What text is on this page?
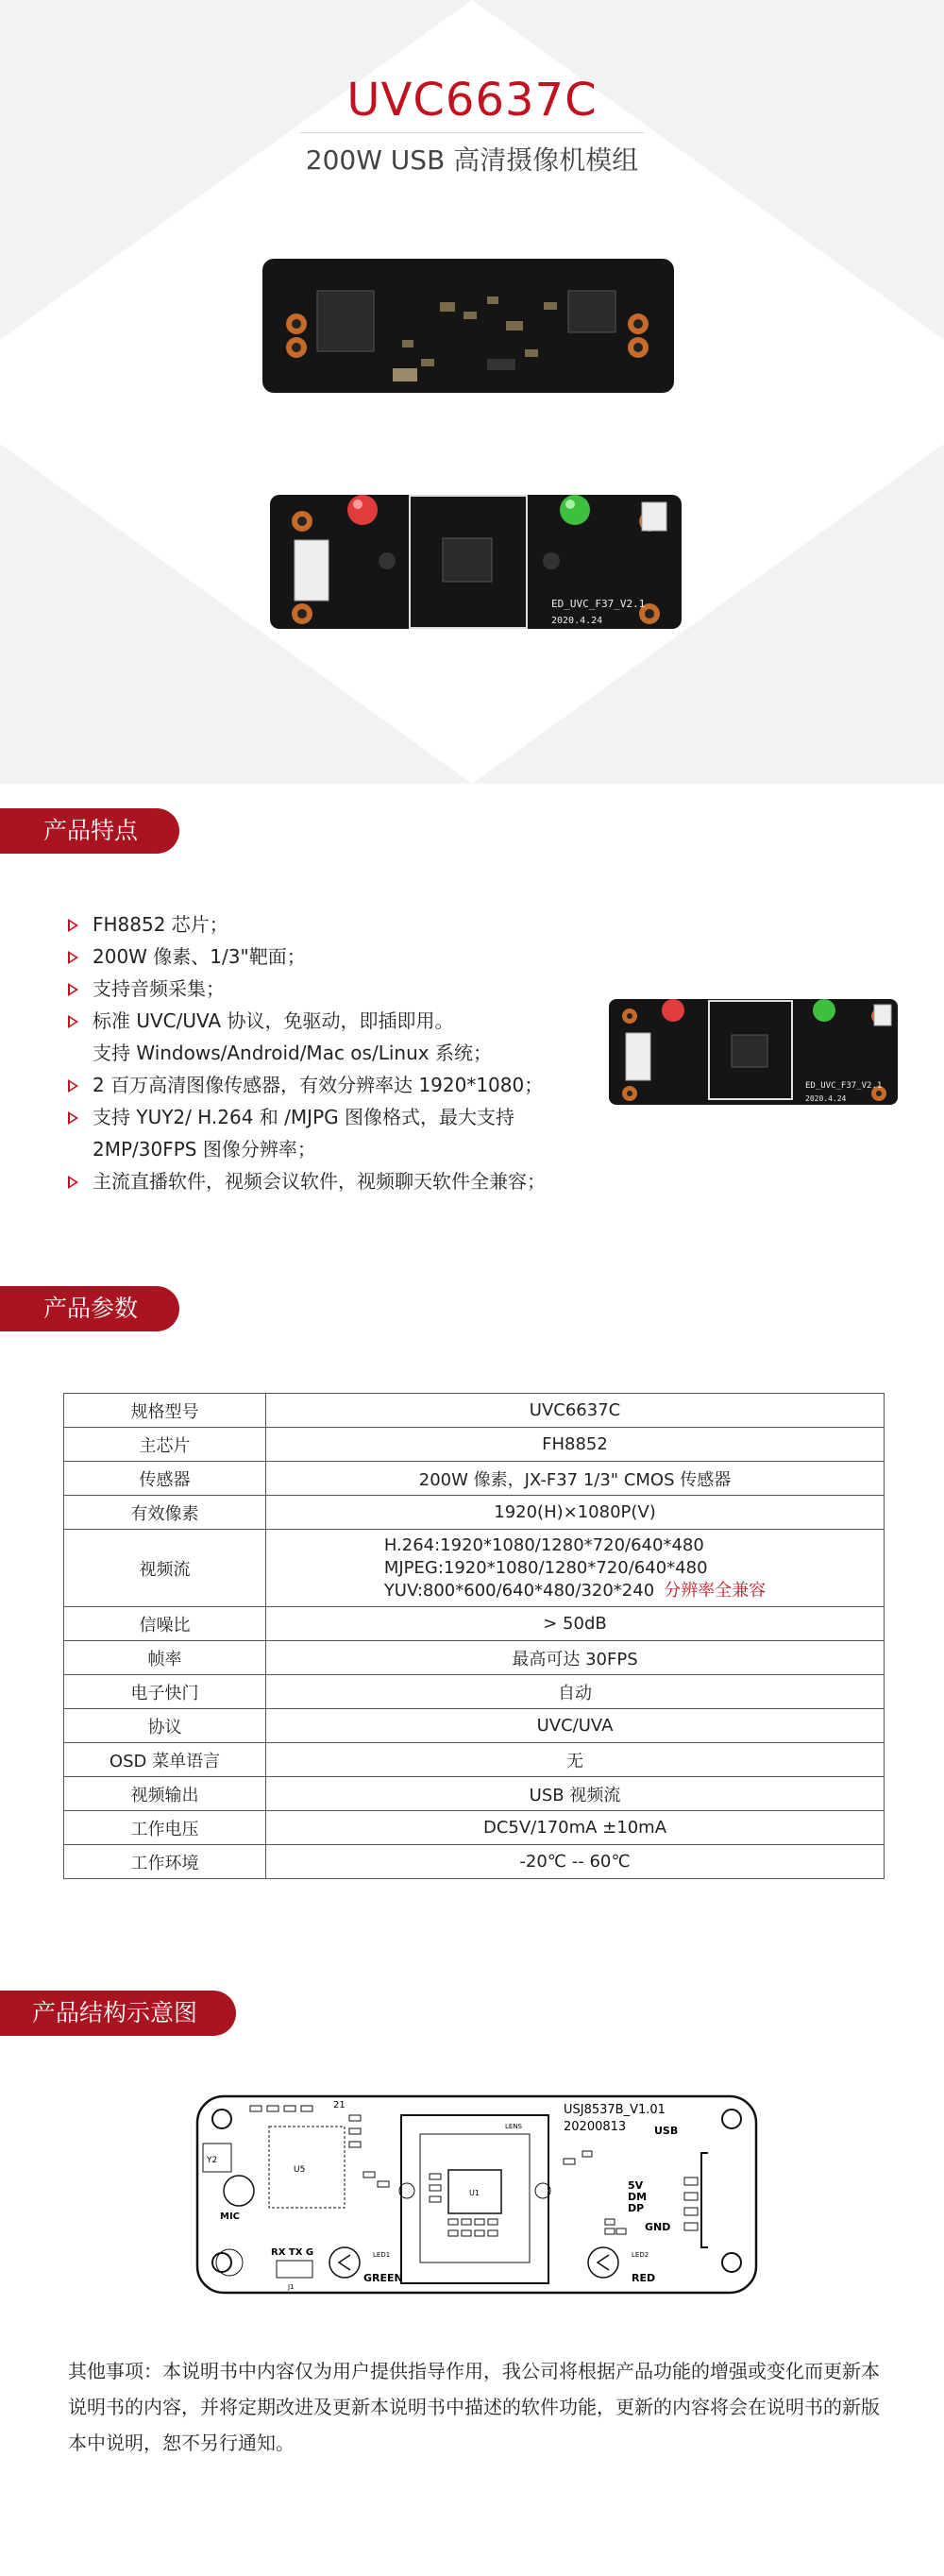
UVC6637C
200W USB 高清摄像机模组
ED_UVC_F37_V2.1
2020.4.24
产品特点
FH8852 芯片；
200W 像素、1/3"靶面；
支持音频采集；
标准 UVC/UVA 协议，免驱动，即插即用。
支持 Windows/Android/Mac os/Linux 系统；
2 百万高清图像传感器，有效分辨率达 1920*1080；
支持 YUY2/ H.264 和 /MJPG 图像格式，最大支持
2MP/30FPS 图像分辨率；
主流直播软件，视频会议软件，视频聊天软件全兼容；
ED_UVC_F37_V2.1
2020.4.24
产品参数
规格型号	UVC6637C
主芯片	FH8852
传感器	200W 像素，JX-F37 1/3" CMOS 传感器
有效像素	1920(H)×1080P(V)
视频流	H.264:1920*1080/1280*720/640*480
MJPEG:1920*1080/1280*720/640*480
YUV:800*600/640*480/320*240 分辨率全兼容

信噪比	> 50dB
帧率	最高可达 30FPS
电子快门	自动
协议	UVC/UVA
OSD 菜单语言	无
视频输出	USB 视频流
工作电压	DC5V/170mA ±10mA
工作环境	-20℃ -- 60℃
产品结构示意图
Y2
U5
MIC
21
RX TX G
J1
LED1
GREEN
LENS
U1
USJ8537B_V1.01
20200813	USB
5V
DM
DP
GND
LED2
RED
其他事项：本说明书中内容仅为用户提供指导作用，我公司将根据产品功能的增强或变化而更新本说明书的内容，并将定期改进及更新本说明书中描述的软件功能，更新的内容将会在说明书的新版本中说明，恕不另行通知。
